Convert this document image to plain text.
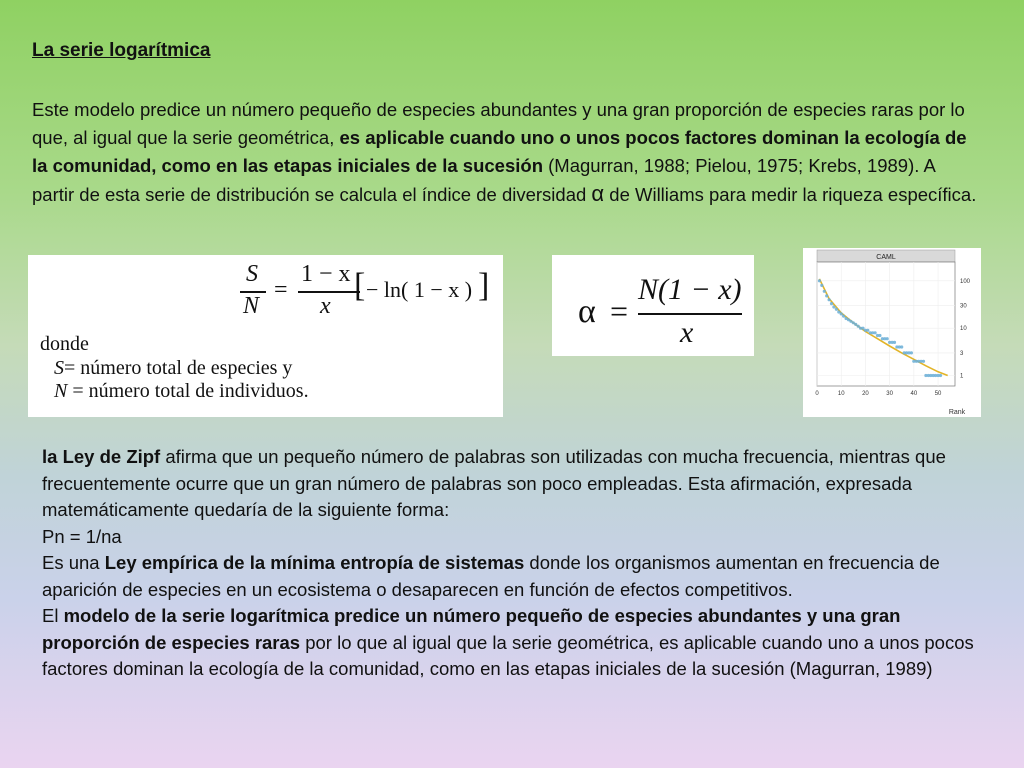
La serie logarítmica

Este modelo predice un número pequeño de especies abundantes y una gran proporción de especies raras por lo que, al igual que la serie geométrica, es aplicable cuando uno o unos pocos factores dominan la ecología de la comunidad, como en las etapas iniciales de la sucesión (Magurran, 1988; Pielou, 1975; Krebs, 1989). A partir de esta serie de distribución se calcula el índice de diversidad α de Williams para medir la riqueza específica.

S
N
=
1 − x
x
[ − ln( 1 − x ) ]
donde
S= número total de especies y
N = número total de individuos.
α =
N(1 − x)
x
CAML
0	10	20	30	40	50
1
3
10
30
100
Rank

la Ley de Zipf afirma que un pequeño número de palabras son utilizadas con mucha frecuencia, mientras que frecuentemente ocurre que un gran número de palabras son poco empleadas. Esta afirmación, expresada matemáticamente quedaría de la siguiente forma:

Pn = 1/na

Es una Ley empírica de la mínima entropía de sistemas donde los organismos aumentan en frecuencia de aparición de especies en un ecosistema o desaparecen en función de efectos competitivos.

El modelo de la serie logarítmica predice un número pequeño de especies abundantes y una gran proporción de especies raras por lo que al igual que la serie geométrica, es aplicable cuando uno a unos pocos factores dominan la ecología de la comunidad, como en las etapas iniciales de la sucesión (Magurran, 1989)
